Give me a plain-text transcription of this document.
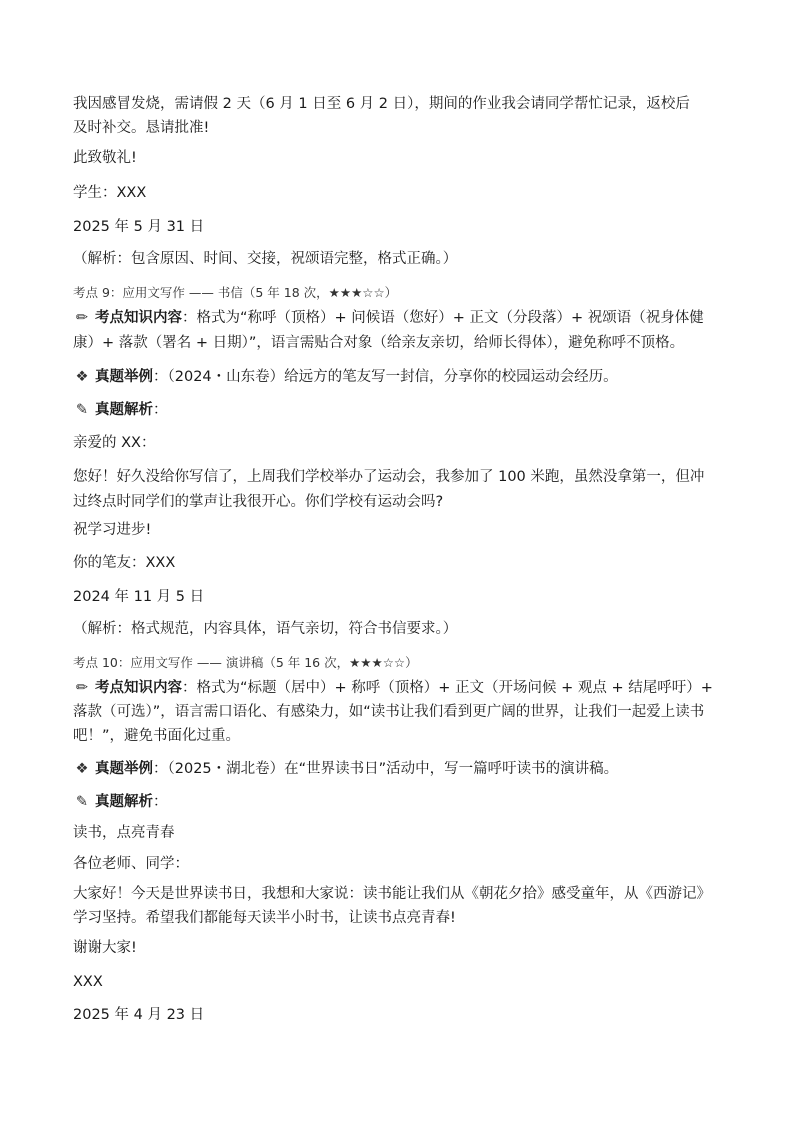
我因感冒发烧，需请假 2 天（6 月 1 日至 6 月 2 日），期间的作业我会请同学帮忙记录，返校后
及时补交。恳请批准!
此致敬礼!
学生：XXX
2025 年 5 月 31 日
（解析：包含原因、时间、交接，祝颂语完整，格式正确。）
考点 9：应用文写作 —— 书信（5 年 18 次，★★★☆☆）
✏ 考点知识内容：格式为“称呼（顶格）+ 问候语（您好）+ 正文（分段落）+ 祝颂语（祝身体健
康）+ 落款（署名 + 日期）”，语言需贴合对象（给亲友亲切，给师长得体），避免称呼不顶格。
❖ 真题举例：（2024・山东卷）给远方的笔友写一封信，分享你的校园运动会经历。
✎ 真题解析：
亲爱的 XX：
您好！好久没给你写信了，上周我们学校举办了运动会，我参加了 100 米跑，虽然没拿第一，但冲
过终点时同学们的掌声让我很开心。你们学校有运动会吗?
祝学习进步!
你的笔友：XXX
2024 年 11 月 5 日
（解析：格式规范，内容具体，语气亲切，符合书信要求。）
考点 10：应用文写作 —— 演讲稿（5 年 16 次，★★★☆☆）
✏ 考点知识内容：格式为“标题（居中）+ 称呼（顶格）+ 正文（开场问候 + 观点 + 结尾呼吁）+
落款（可选）”，语言需口语化、有感染力，如“读书让我们看到更广阔的世界，让我们一起爱上读书
吧！”，避免书面化过重。
❖ 真题举例：（2025・湖北卷）在“世界读书日”活动中，写一篇呼吁读书的演讲稿。
✎ 真题解析：
读书，点亮青春
各位老师、同学：
大家好！今天是世界读书日，我想和大家说：读书能让我们从《朝花夕拾》感受童年，从《西游记》
学习坚持。希望我们都能每天读半小时书，让读书点亮青春!
谢谢大家!
XXX
2025 年 4 月 23 日
